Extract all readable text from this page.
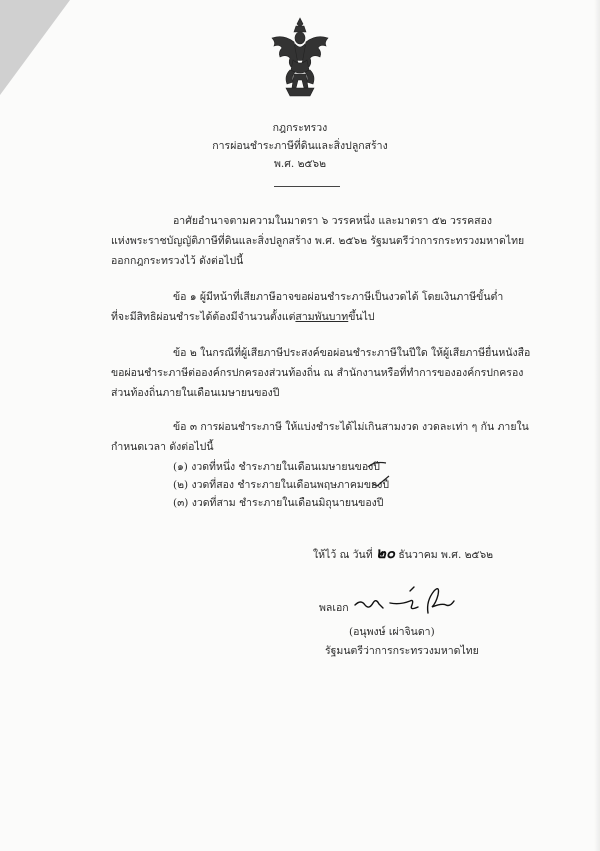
กฎกระทรวง
การผ่อนชำระภาษีที่ดินและสิ่งปลูกสร้าง
พ.ศ. ๒๕๖๒
อาศัยอำนาจตามความในมาตรา ๖ วรรคหนึ่ง และมาตรา ๕๒ วรรคสอง
แห่งพระราชบัญญัติภาษีที่ดินและสิ่งปลูกสร้าง พ.ศ. ๒๕๖๒ รัฐมนตรีว่าการกระทรวงมหาดไทย
ออกกฎกระทรวงไว้ ดังต่อไปนี้
ข้อ ๑ ผู้มีหน้าที่เสียภาษีอาจขอผ่อนชำระภาษีเป็นงวดได้ โดยเงินภาษีขั้นต่ำ
ที่จะมีสิทธิผ่อนชำระได้ต้องมีจำนวนตั้งแต่สามพันบาทขึ้นไป
ข้อ ๒ ในกรณีที่ผู้เสียภาษีประสงค์ขอผ่อนชำระภาษีในปีใด ให้ผู้เสียภาษียื่นหนังสือ
ขอผ่อนชำระภาษีต่อองค์กรปกครองส่วนท้องถิ่น ณ สำนักงานหรือที่ทำการขององค์กรปกครอง
ส่วนท้องถิ่นภายในเดือนเมษายนของปี
ข้อ ๓ การผ่อนชำระภาษี ให้แบ่งชำระได้ไม่เกินสามงวด งวดละเท่า ๆ กัน ภายใน
กำหนดเวลา ดังต่อไปนี้
(๑) งวดที่หนึ่ง ชำระภายในเดือนเมษายนของปี
(๒) งวดที่สอง ชำระภายในเดือนพฤษภาคมของปี
(๓) งวดที่สาม ชำระภายในเดือนมิถุนายนของปี
ให้ไว้ ณ วันที่ ๒๐ ธันวาคม พ.ศ. ๒๕๖๒
พลเอก
(อนุพงษ์ เผ่าจินดา)
รัฐมนตรีว่าการกระทรวงมหาดไทย
